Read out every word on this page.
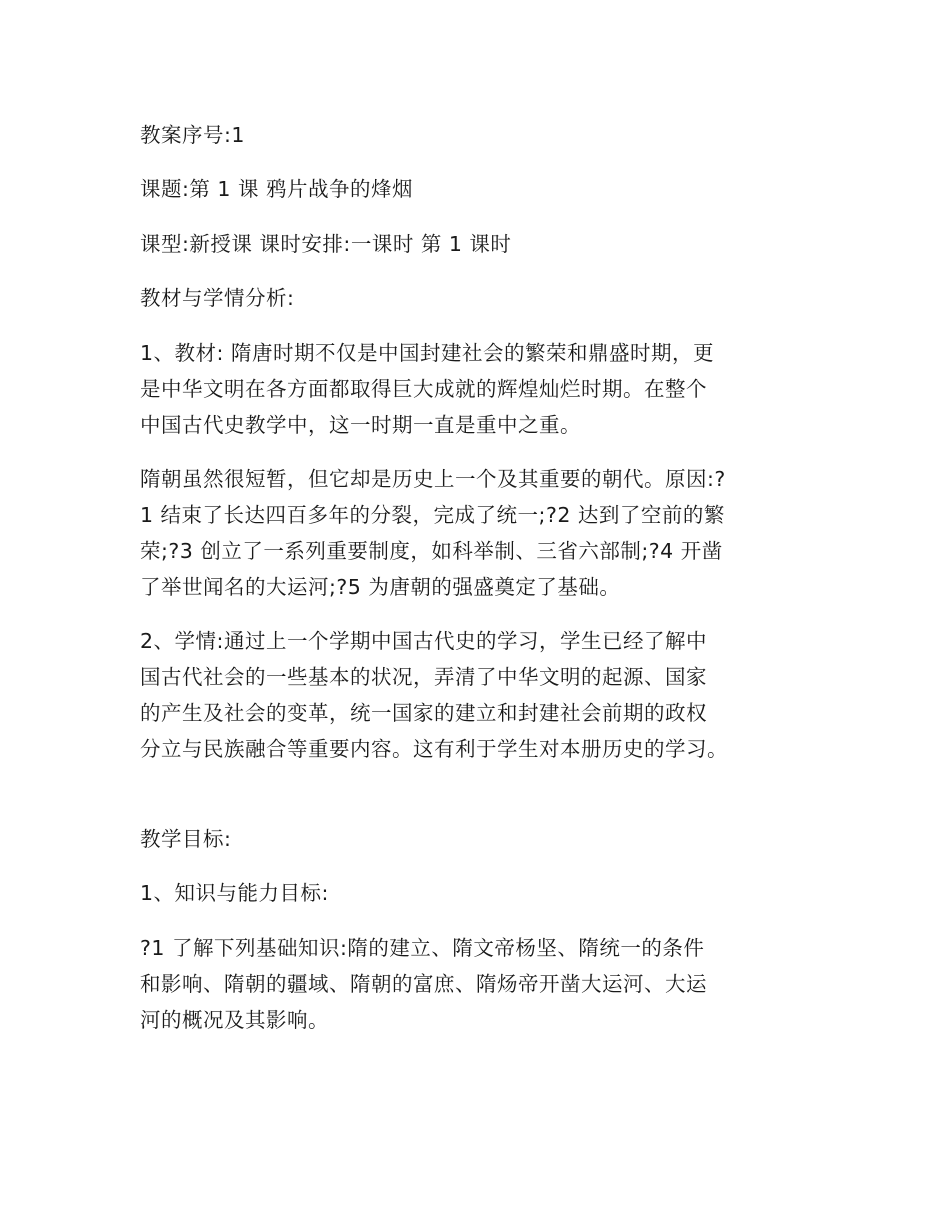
教案序号:1

课题:第 1 课 鸦片战争的烽烟

课型:新授课 课时安排:一课时 第 1 课时

教材与学情分析:

1、教材: 隋唐时期不仅是中国封建社会的繁荣和鼎盛时期，更
是中华文明在各方面都取得巨大成就的辉煌灿烂时期。在整个
中国古代史教学中，这一时期一直是重中之重。
隋朝虽然很短暂，但它却是历史上一个及其重要的朝代。原因:?
1 结束了长达四百多年的分裂，完成了统一;?2 达到了空前的繁
荣;?3 创立了一系列重要制度，如科举制、三省六部制;?4 开凿
了举世闻名的大运河;?5 为唐朝的强盛奠定了基础。
2、学情:通过上一个学期中国古代史的学习，学生已经了解中
国古代社会的一些基本的状况，弄清了中华文明的起源、国家
的产生及社会的变革，统一国家的建立和封建社会前期的政权
分立与民族融合等重要内容。这有利于学生对本册历史的学习。

教学目标:

1、知识与能力目标:

?1 了解下列基础知识:隋的建立、隋文帝杨坚、隋统一的条件
和影响、隋朝的疆域、隋朝的富庶、隋炀帝开凿大运河、大运
河的概况及其影响。
